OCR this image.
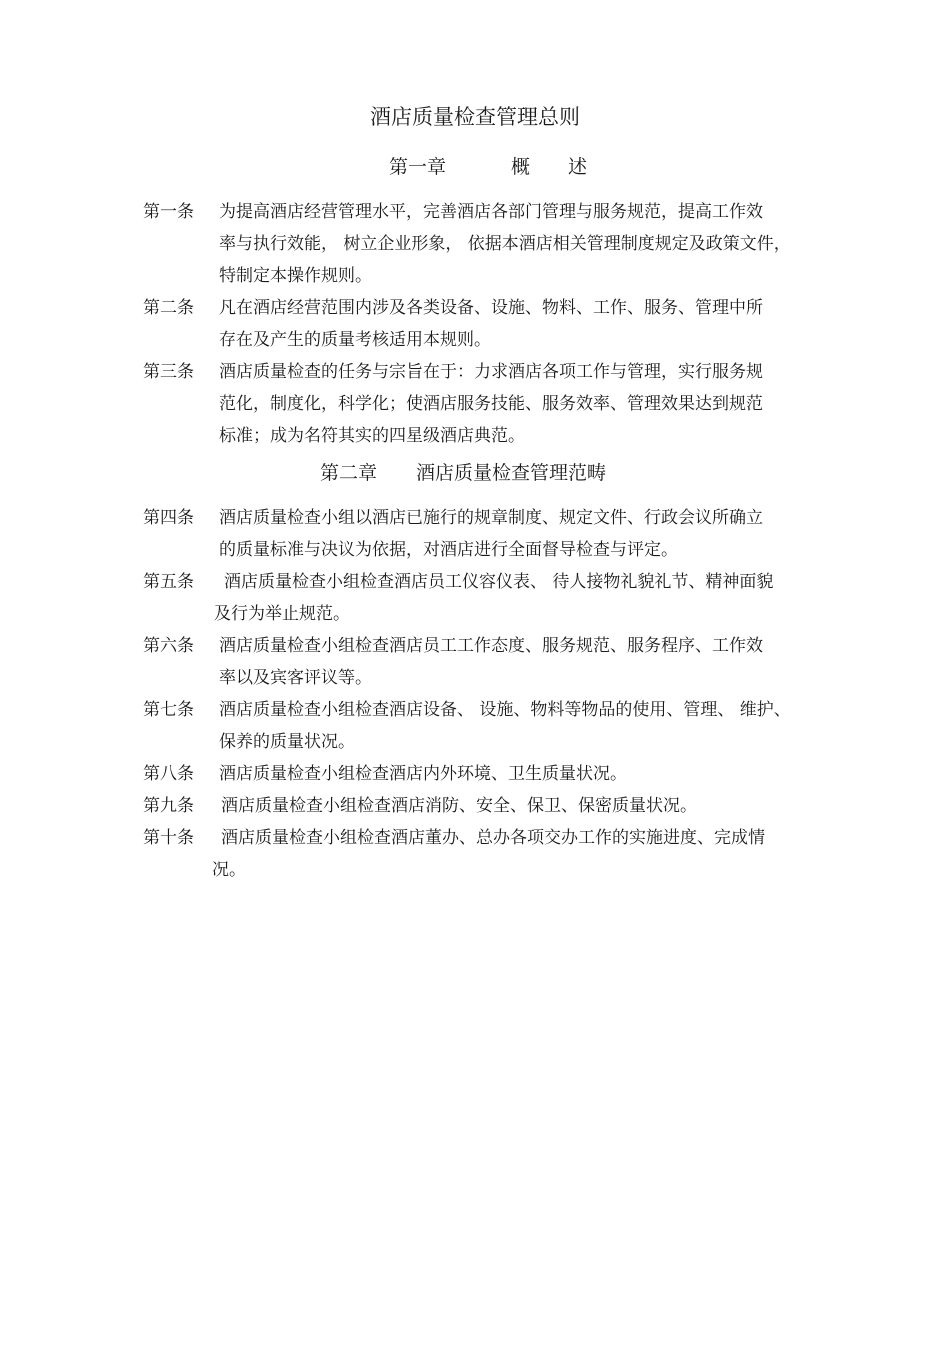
酒店质量检查管理总则
第一章	概　　述
第一条 为提高酒店经营管理水平，完善酒店各部门管理与服务规范，提高工作效
率与执行效能， 树立企业形象， 依据本酒店相关管理制度规定及政策文件，
特制定本操作规则。
第二条 凡在酒店经营范围内涉及各类设备、设施、物料、工作、服务、管理中所
存在及产生的质量考核适用本规则。
第三条 酒店质量检查的任务与宗旨在于：力求酒店各项工作与管理，实行服务规
范化，制度化，科学化；使酒店服务技能、服务效率、管理效果达到规范
标准；成为名符其实的四星级酒店典范。
第二章 酒店质量检查管理范畴
第四条 酒店质量检查小组以酒店已施行的规章制度、规定文件、行政会议所确立
的质量标准与决议为依据，对酒店进行全面督导检查与评定。
第五条 酒店质量检查小组检查酒店员工仪容仪表、 待人接物礼貌礼节、精神面貌
及行为举止规范。
第六条 酒店质量检查小组检查酒店员工工作态度、服务规范、服务程序、工作效
率以及宾客评议等。
第七条 酒店质量检查小组检查酒店设备、 设施、物料等物品的使用、管理、 维护、
保养的质量状况。
第八条 酒店质量检查小组检查酒店内外环境、卫生质量状况。
第九条 酒店质量检查小组检查酒店消防、安全、保卫、保密质量状况。
第十条 酒店质量检查小组检查酒店董办、总办各项交办工作的实施进度、完成情
况。
